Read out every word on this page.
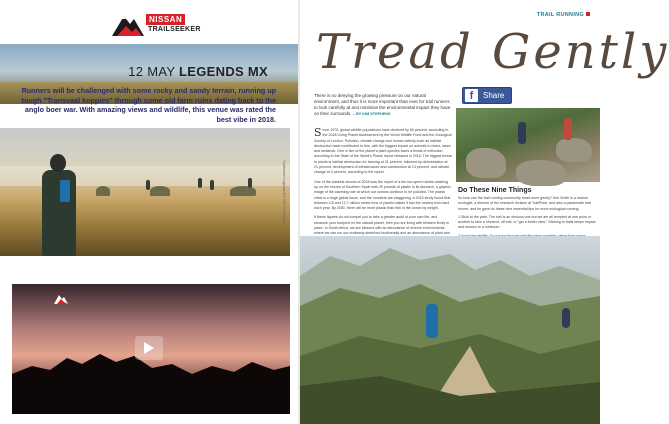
NISSAN
TRAILSEEKER
12 MAY LEGENDS MX
Runners will be challenged with some rocky and sandy terrain, running up tough "Transvaal koppies" through some old farm ruins dating back to the anglo boer war. With amazing views and wildlife, this venue was rated the best vibe in 2018.
Trailseeker Legends MX 2019 | Photo by ...
TRAIL RUNNING
Tread Gently
f	Share
There is no denying the growing pressure on our natural environment, and thus it is more important than ever for trail runners to look carefully at and minimise the environmental impact they have on their surrounds. – BY KIM STEPHENS

Since 1970, global wildlife populations have declined by 60 percent, according to the 2018 Living Planet Assessment by the World Wildlife Fund and the Zoological Society of London. Pollution, climate change and human activity such as habitat destruction have contributed to this, with the biggest impact on animals in rivers, lakes and wetlands. One in five of the planet's plant species faces a threat of extinction, according to the State of the World's Plants report released in 2016. The biggest threat to plants is habitat destruction for farming at 31 percent, followed by deforestation at 21 percent, development of infrastructure and construction at 13 percent, and climate change at 4 percent, according to the report.

One of the starkest shocks of 2018 was the report of a ten-ton sperm whale washing up on the shores of Southern Spain with 29 pounds of plastic in its stomach, a graphic image of the alarming rate at which our oceans continue to be polluted. The plastic crisis is a huge global issue, and the numbers are staggering. A 2015 study found that between 4.8 and 12.7 million metric tons of plastic makes it into the oceans from land each year. By 2050, there will be more plastic than fish in the ocean by weight.

If these figures do not compel you to take a greater audit of your own life, and measure your footprint on the natural planet, then you are living with blinkers firmly in place. In South Africa, we are blessed with an abundance of diverse environments where we can run our endlessly stretched biodiversity and an abundance of plant and

Do These Nine Things

So how can the trail running community tread more gently? Kim Smith is a marine ecologist, a director of the research division at TrailPoint, and also a passionate trail runner, and he gave us these nine essential tips for more ecological running.

1 Stick to the path: The trail is an obvious one but we are all tempted at one point or another to take a shortcut, off trail, to "get a better view." Sticking to trails keeps impact and erosion to a minimum.
